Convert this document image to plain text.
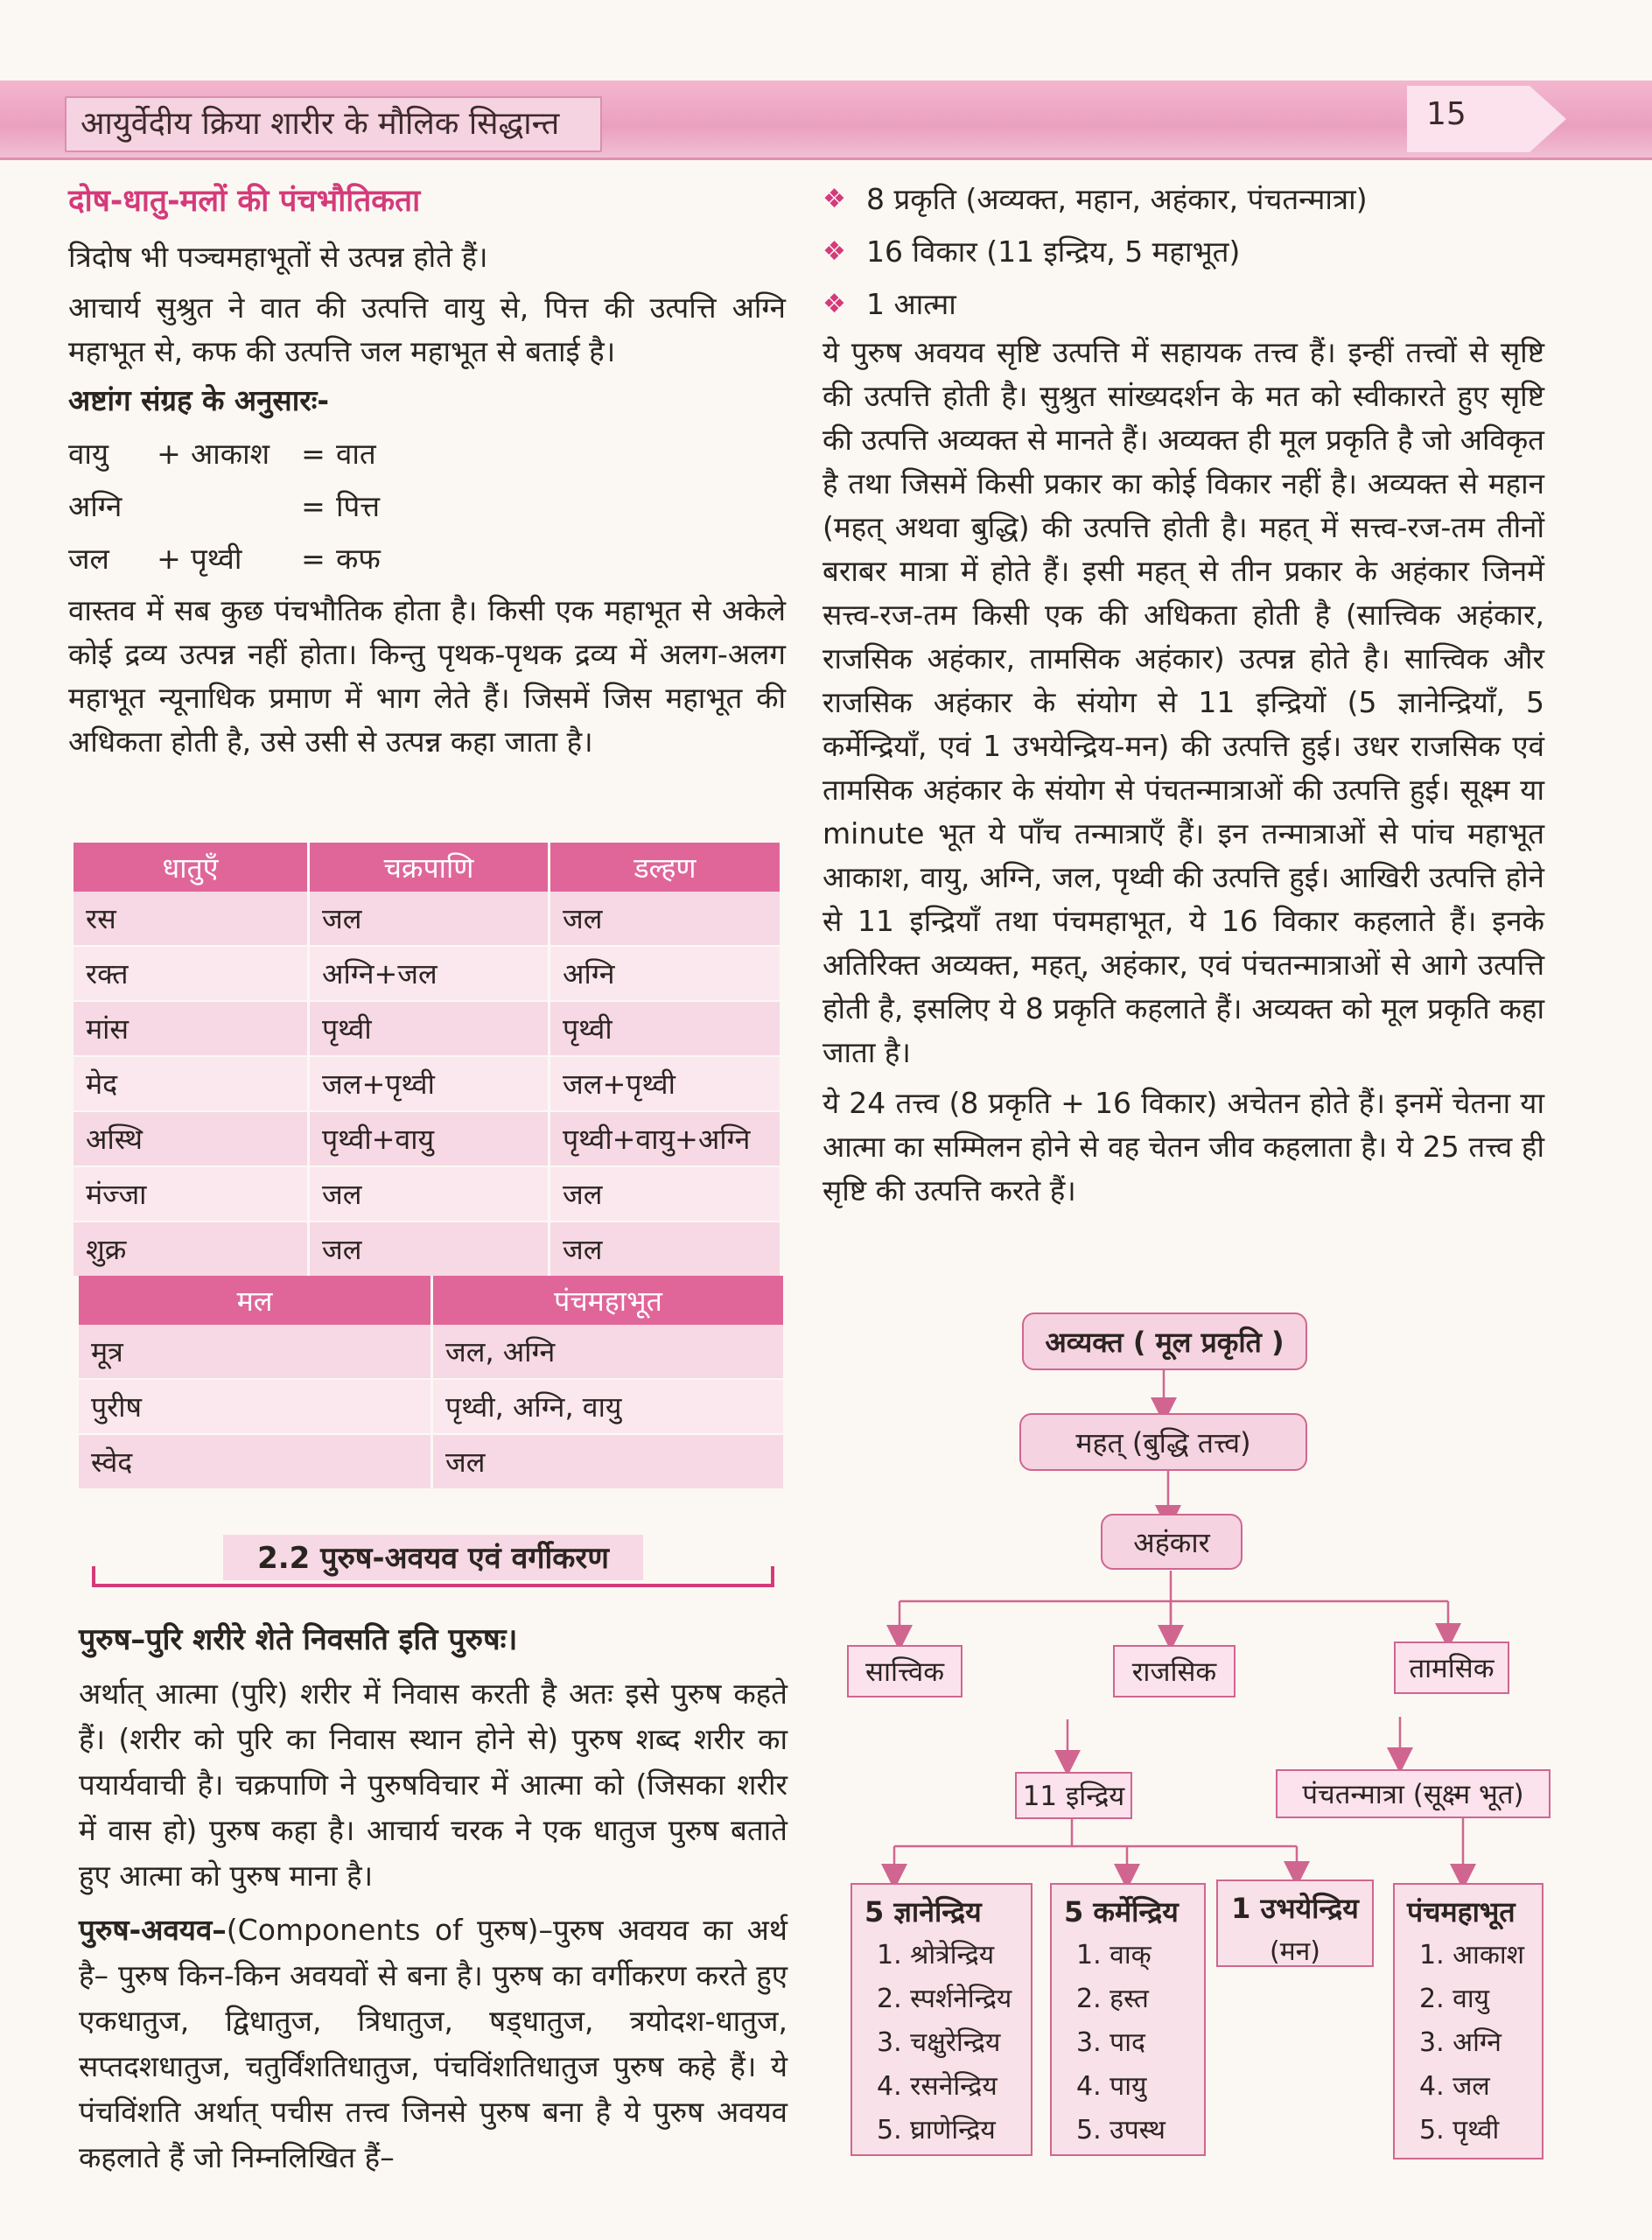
आयुर्वेदीय क्रिया शारीर के मौलिक सिद्धान्त	15
दोष-धातु-मलों की पंचभौतिकता

त्रिदोष भी पञ्चमहाभूतों से उत्पन्न होते हैं।

आचार्य सुश्रुत ने वात की उत्पत्ति वायु से, पित्त की उत्पत्ति अग्नि महाभूत से, कफ की उत्पत्ति जल महाभूत से बताई है।

अष्टांग संग्रह के अनुसारः-
वायु	+ आकाश	= वात
अग्नि	= पित्त
जल	+ पृथ्वी	= कफ

वास्तव में सब कुछ पंचभौतिक होता है। किसी एक महाभूत से अकेले कोई द्रव्य उत्पन्न नहीं होता। किन्तु पृथक-पृथक द्रव्य में अलग-अलग महाभूत न्यूनाधिक प्रमाण में भाग लेते हैं। जिसमें जिस महाभूत की अधिकता होती है, उसे उसी से उत्पन्न कहा जाता है।

धातुएँ	चक्रपाणि	डल्हण
रस	जल	जल
रक्त	अग्नि+जल	अग्नि
मांस	पृथ्वी	पृथ्वी
मेद	जल+पृथ्वी	जल+पृथ्वी
अस्थि	पृथ्वी+वायु	पृथ्वी+वायु+अग्नि
मंज्जा	जल	जल
शुक्र	जल	जल
मल	पंचमहाभूत
मूत्र	जल, अग्नि
पुरीष	पृथ्वी, अग्नि, वायु
स्वेद	जल
2.2 पुरुष-अवयव एवं वर्गीकरण
पुरुष–पुरि शरीरे शेते निवसति इति पुरुषः।

अर्थात् आत्मा (पुरि) शरीर में निवास करती है अतः इसे पुरुष कहते हैं। (शरीर को पुरि का निवास स्थान होने से) पुरुष शब्द शरीर का पयार्यवाची है। चक्रपाणि ने पुरुषविचार में आत्मा को (जिसका शरीर में वास हो) पुरुष कहा है। आचार्य चरक ने एक धातुज पुरुष बताते हुए आत्मा को पुरुष माना है।

पुरुष-अवयव–(Components of पुरुष)–पुरुष अवयव का अर्थ है– पुरुष किन-किन अवयवों से बना है। पुरुष का वर्गीकरण करते हुए एकधातुज, द्विधातुज, त्रिधातुज, षड्धातुज, त्रयोदश-धातुज, सप्तदशधातुज, चतुर्विंशतिधातुज, पंचविंशतिधातुज पुरुष कहे हैं। ये पंचविंशति अर्थात् पचीस तत्त्व जिनसे पुरुष बना है ये पुरुष अवयव कहलाते हैं जो निम्नलिखित हैं–

❖ 8 प्रकृति (अव्यक्त, महान, अहंकार, पंचतन्मात्रा)
❖ 16 विकार (11 इन्द्रिय, 5 महाभूत)
❖ 1 आत्मा

ये पुरुष अवयव सृष्टि उत्पत्ति में सहायक तत्त्व हैं। इन्हीं तत्त्वों से सृष्टि की उत्पत्ति होती है। सुश्रुत सांख्यदर्शन के मत को स्वीकारते हुए सृष्टि की उत्पत्ति अव्यक्त से मानते हैं। अव्यक्त ही मूल प्रकृति है जो अविकृत है तथा जिसमें किसी प्रकार का कोई विकार नहीं है। अव्यक्त से महान (महत् अथवा बुद्धि) की उत्पत्ति होती है। महत् में सत्त्व-रज-तम तीनों बराबर मात्रा में होते हैं। इसी महत् से तीन प्रकार के अहंकार जिनमें सत्त्व-रज-तम किसी एक की अधिकता होती है (सात्त्विक अहंकार, राजसिक अहंकार, तामसिक अहंकार) उत्पन्न होते है। सात्त्विक और राजसिक अहंकार के संयोग से 11 इन्द्रियों (5 ज्ञानेन्द्रियाँ, 5 कर्मेन्द्रियाँ, एवं 1 उभयेन्द्रिय-मन) की उत्पत्ति हुई। उधर राजसिक एवं तामसिक अहंकार के संयोग से पंचतन्मात्राओं की उत्पत्ति हुई। सूक्ष्म या minute भूत ये पाँच तन्मात्राएँ हैं। इन तन्मात्राओं से पांच महाभूत आकाश, वायु, अग्नि, जल, पृथ्वी की उत्पत्ति हुई। आखिरी उत्पत्ति होने से 11 इन्द्रियाँ तथा पंचमहाभूत, ये 16 विकार कहलाते हैं। इनके अतिरिक्त अव्यक्त, महत्, अहंकार, एवं पंचतन्मात्राओं से आगे उत्पत्ति होती है, इसलिए ये 8 प्रकृति कहलाते हैं। अव्यक्त को मूल प्रकृति कहा जाता है।

ये 24 तत्त्व (8 प्रकृति + 16 विकार) अचेतन होते हैं। इनमें चेतना या आत्मा का सम्मिलन होने से वह चेतन जीव कहलाता है। ये 25 तत्त्व ही सृष्टि की उत्पत्ति करते हैं।

अव्यक्त ( मूल प्रकृति )
महत् (बुद्धि तत्त्व)
अहंकार
सात्त्विक	राजसिक	तामसिक
11 इन्द्रिय	पंचतन्मात्रा (सूक्ष्म भूत)
5 ज्ञानेन्द्रिय
1. श्रोत्रेन्द्रिय
2. स्पर्शनेन्द्रिय
3. चक्षुरेन्द्रिय
4. रसनेन्द्रिय
5. घ्राणेन्द्रिय
5 कर्मेन्द्रिय
1. वाक्
2. हस्त
3. पाद
4. पायु
5. उपस्थ
1 उभयेन्द्रिय
(मन)
पंचमहाभूत
1. आकाश
2. वायु
3. अग्नि
4. जल
5. पृथ्वी
